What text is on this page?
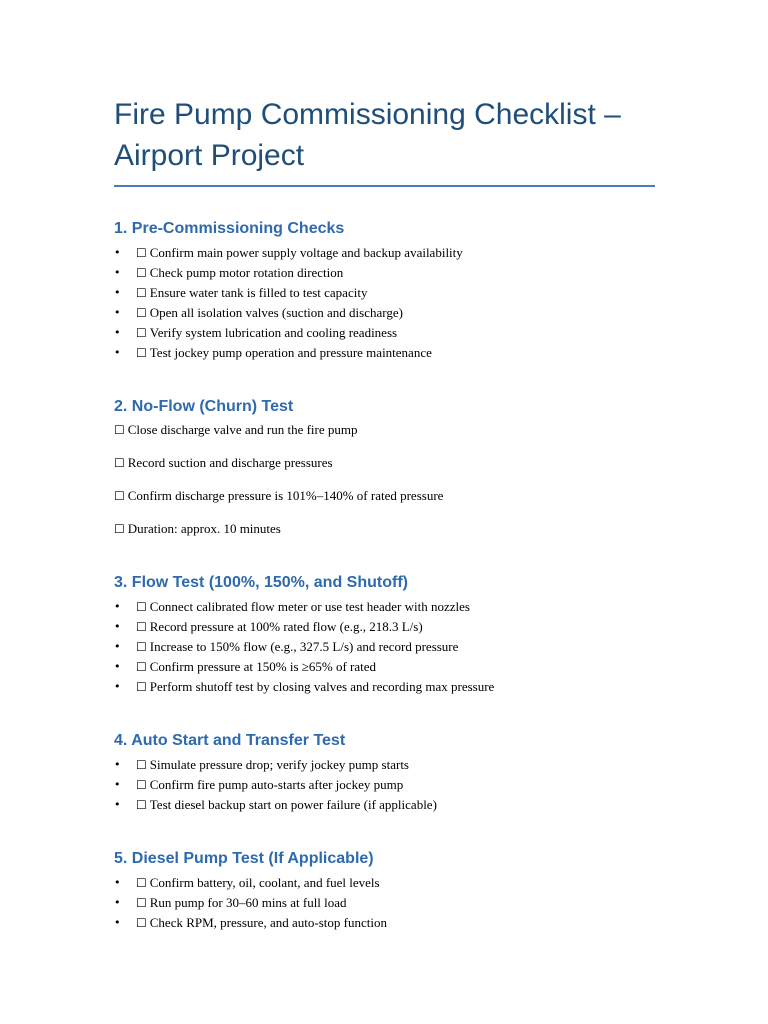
Fire Pump Commissioning Checklist – Airport Project
1. Pre-Commissioning Checks
• ☐ Confirm main power supply voltage and backup availability
• ☐ Check pump motor rotation direction
• ☐ Ensure water tank is filled to test capacity
• ☐ Open all isolation valves (suction and discharge)
• ☐ Verify system lubrication and cooling readiness
• ☐ Test jockey pump operation and pressure maintenance
2. No-Flow (Churn) Test

☐ Close discharge valve and run the fire pump

☐ Record suction and discharge pressures

☐ Confirm discharge pressure is 101%–140% of rated pressure

☐ Duration: approx. 10 minutes

3. Flow Test (100%, 150%, and Shutoff)
• ☐ Connect calibrated flow meter or use test header with nozzles
• ☐ Record pressure at 100% rated flow (e.g., 218.3 L/s)
• ☐ Increase to 150% flow (e.g., 327.5 L/s) and record pressure
• ☐ Confirm pressure at 150% is ≥65% of rated
• ☐ Perform shutoff test by closing valves and recording max pressure
4. Auto Start and Transfer Test
• ☐ Simulate pressure drop; verify jockey pump starts
• ☐ Confirm fire pump auto-starts after jockey pump
• ☐ Test diesel backup start on power failure (if applicable)
5. Diesel Pump Test (If Applicable)
• ☐ Confirm battery, oil, coolant, and fuel levels
• ☐ Run pump for 30–60 mins at full load
• ☐ Check RPM, pressure, and auto-stop function
